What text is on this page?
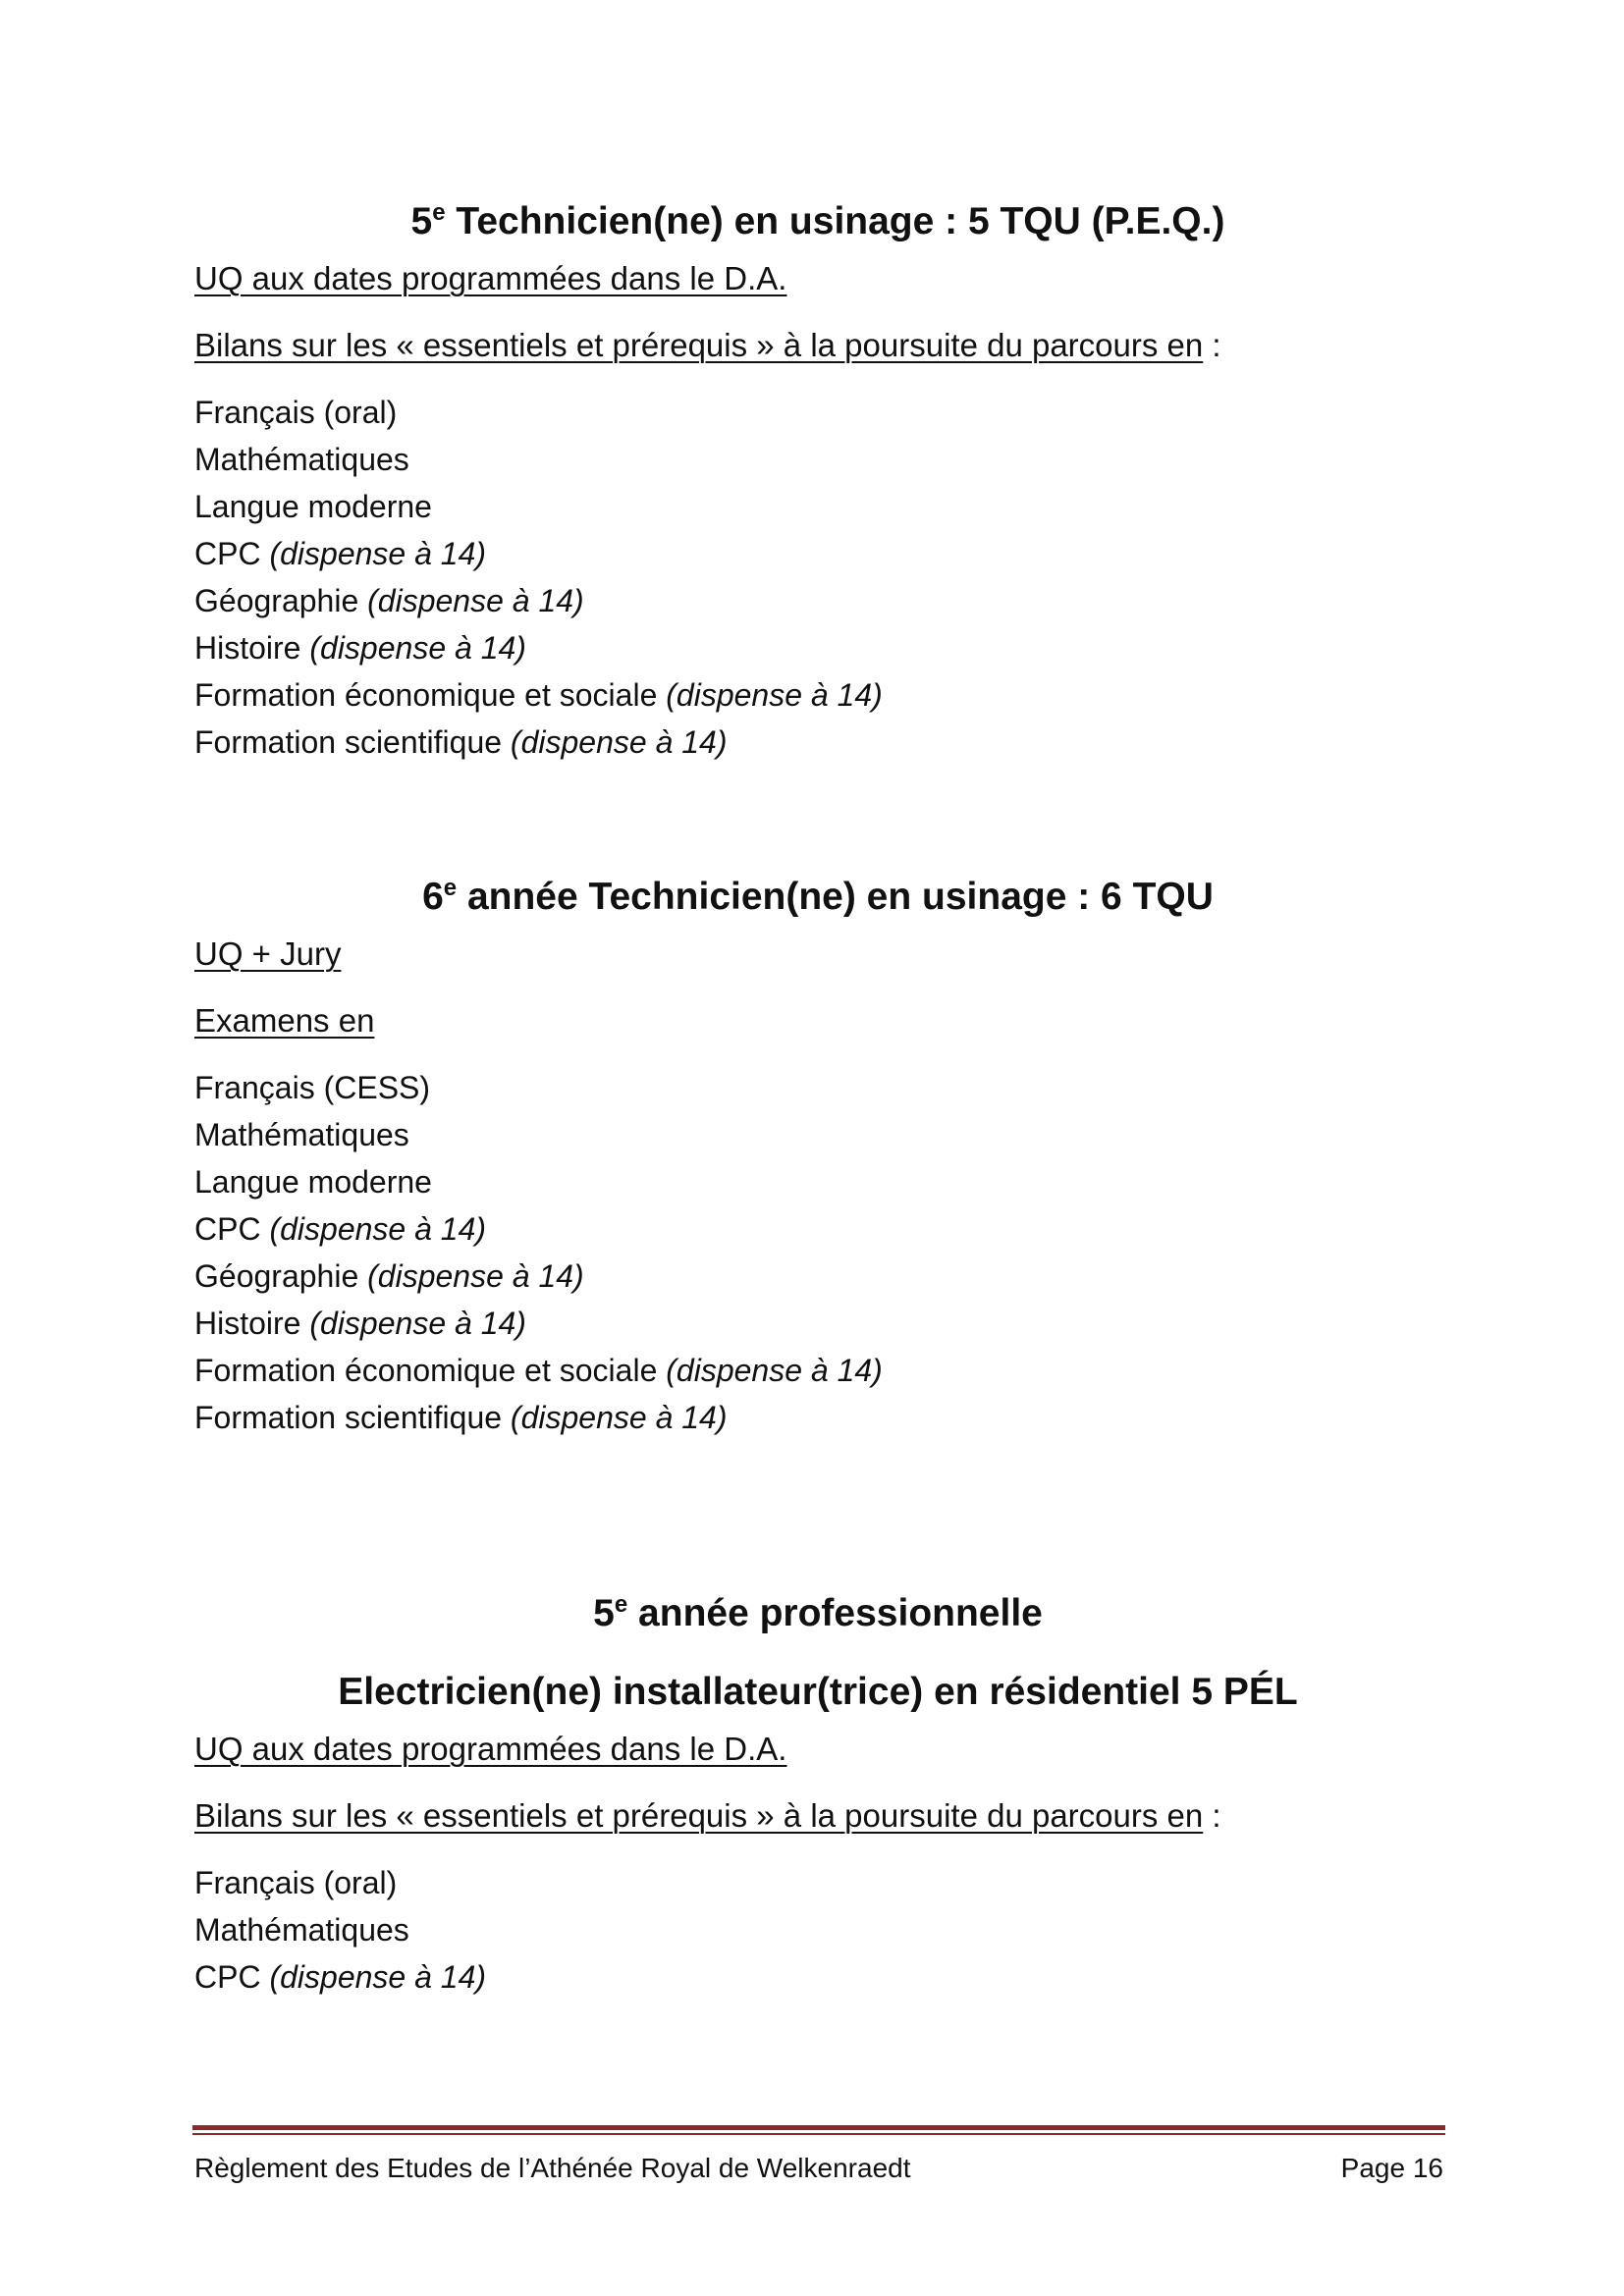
5e Technicien(ne) en usinage : 5 TQU (P.E.Q.)

UQ aux dates programmées dans le D.A.

Bilans sur les « essentiels et prérequis » à la poursuite du parcours en :

Français (oral)
Mathématiques
Langue moderne
CPC (dispense à 14)
Géographie (dispense à 14)
Histoire (dispense à 14)
Formation économique et sociale (dispense à 14)
Formation scientifique (dispense à 14)
6e année Technicien(ne) en usinage : 6 TQU

UQ + Jury

Examens en

Français (CESS)
Mathématiques
Langue moderne
CPC (dispense à 14)
Géographie (dispense à 14)
Histoire (dispense à 14)
Formation économique et sociale (dispense à 14)
Formation scientifique (dispense à 14)
5e année professionnelle
Electricien(ne) installateur(trice) en résidentiel 5 PÉL

UQ aux dates programmées dans le D.A.

Bilans sur les « essentiels et prérequis » à la poursuite du parcours en :

Français (oral)
Mathématiques
CPC (dispense à 14)
Règlement des Etudes de l’Athénée Royal de Welkenraedt	Page 16
